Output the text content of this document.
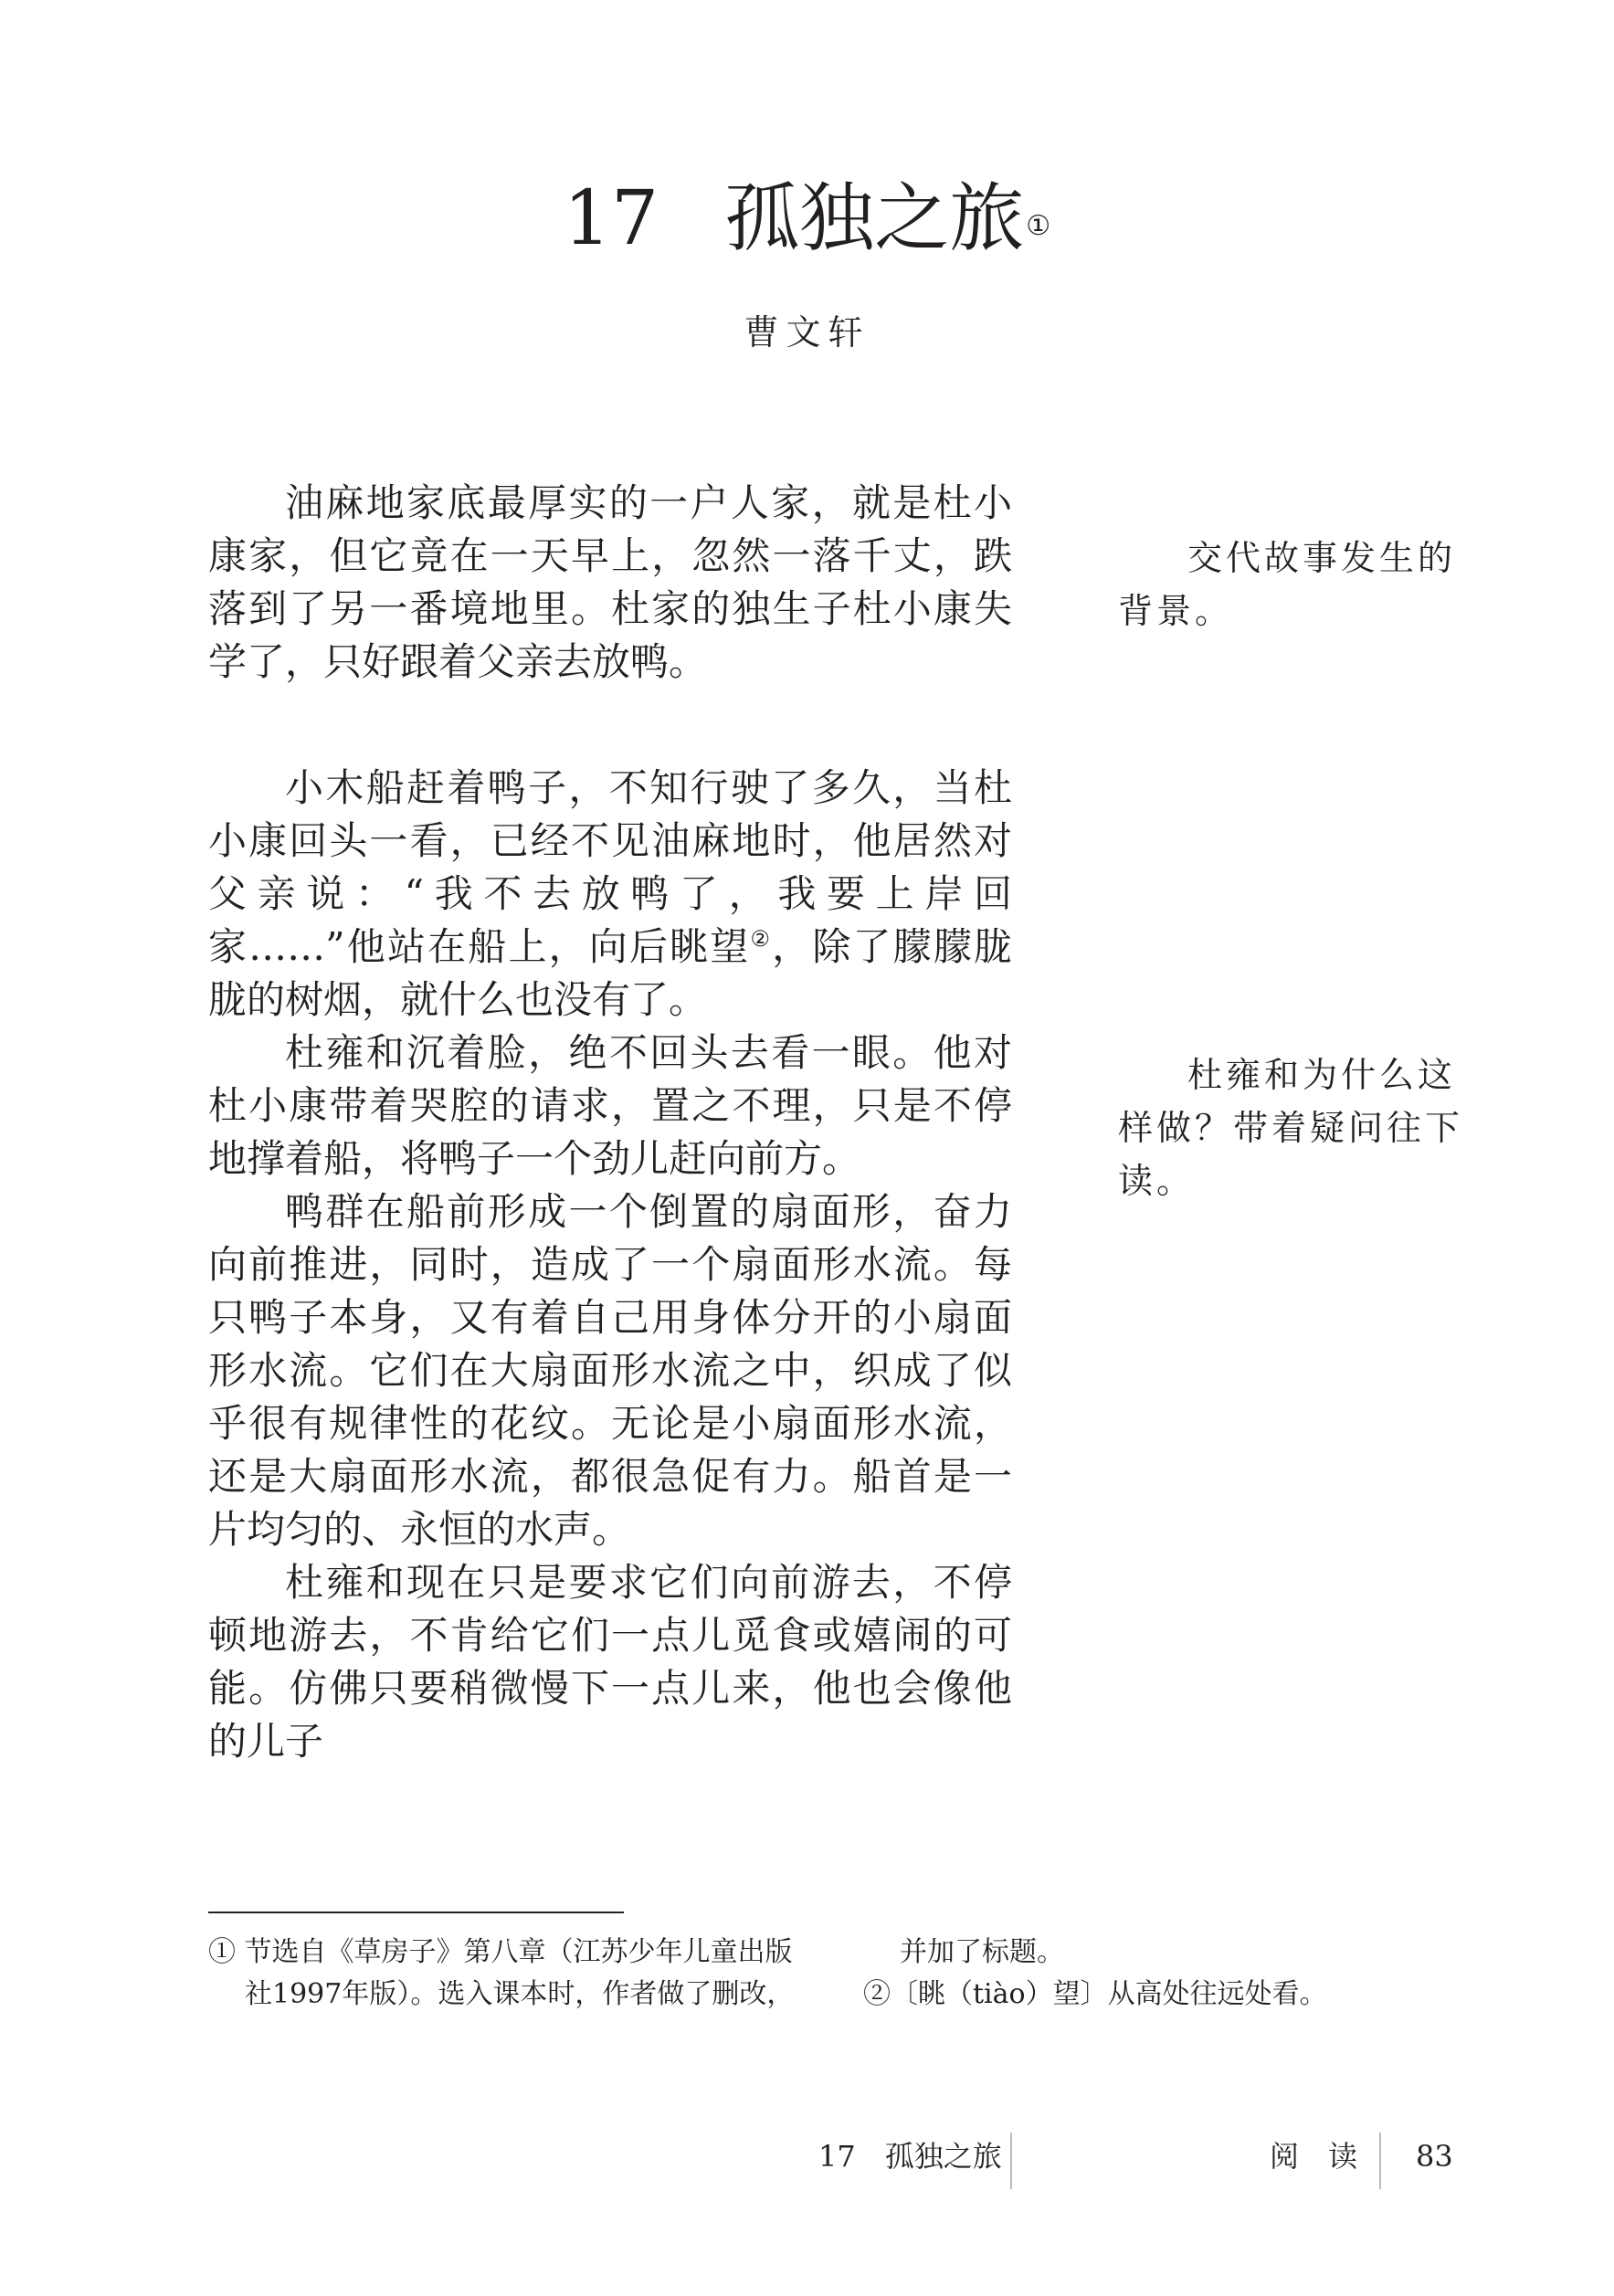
17 孤独之旅①
曹文轩

油麻地家底最厚实的一户人家，就是杜小康家，但它竟在一天早上，忽然一落千丈，跌落到了另一番境地里。杜家的独生子杜小康失学了，只好跟着父亲去放鸭。

小木船赶着鸭子，不知行驶了多久，当杜小康回头一看，已经不见油麻地时，他居然对父亲说：“我不去放鸭了，我要上岸回家……”他站在船上，向后眺望②，除了朦朦胧胧的树烟，就什么也没有了。

杜雍和沉着脸，绝不回头去看一眼。他对杜小康带着哭腔的请求，置之不理，只是不停地撑着船，将鸭子一个劲儿赶向前方。

鸭群在船前形成一个倒置的扇面形，奋力向前推进，同时，造成了一个扇面形水流。每只鸭子本身，又有着自己用身体分开的小扇面形水流。它们在大扇面形水流之中，织成了似乎很有规律性的花纹。无论是小扇面形水流，还是大扇面形水流，都很急促有力。船首是一片均匀的、永恒的水声。

杜雍和现在只是要求它们向前游去，不停顿地游去，不肯给它们一点儿觅食或嬉闹的可能。仿佛只要稍微慢下一点儿来，他也会像他的儿子

交代故事发生的背景。
杜雍和为什么这样做？带着疑问往下读。
① 节选自《草房子》第八章（江苏少年儿童出版
社1997年版）。选入课本时，作者做了删改，
并加了标题。
②〔眺（tiào）望〕从高处往远处看。
17　孤独之旅	阅　读 83
